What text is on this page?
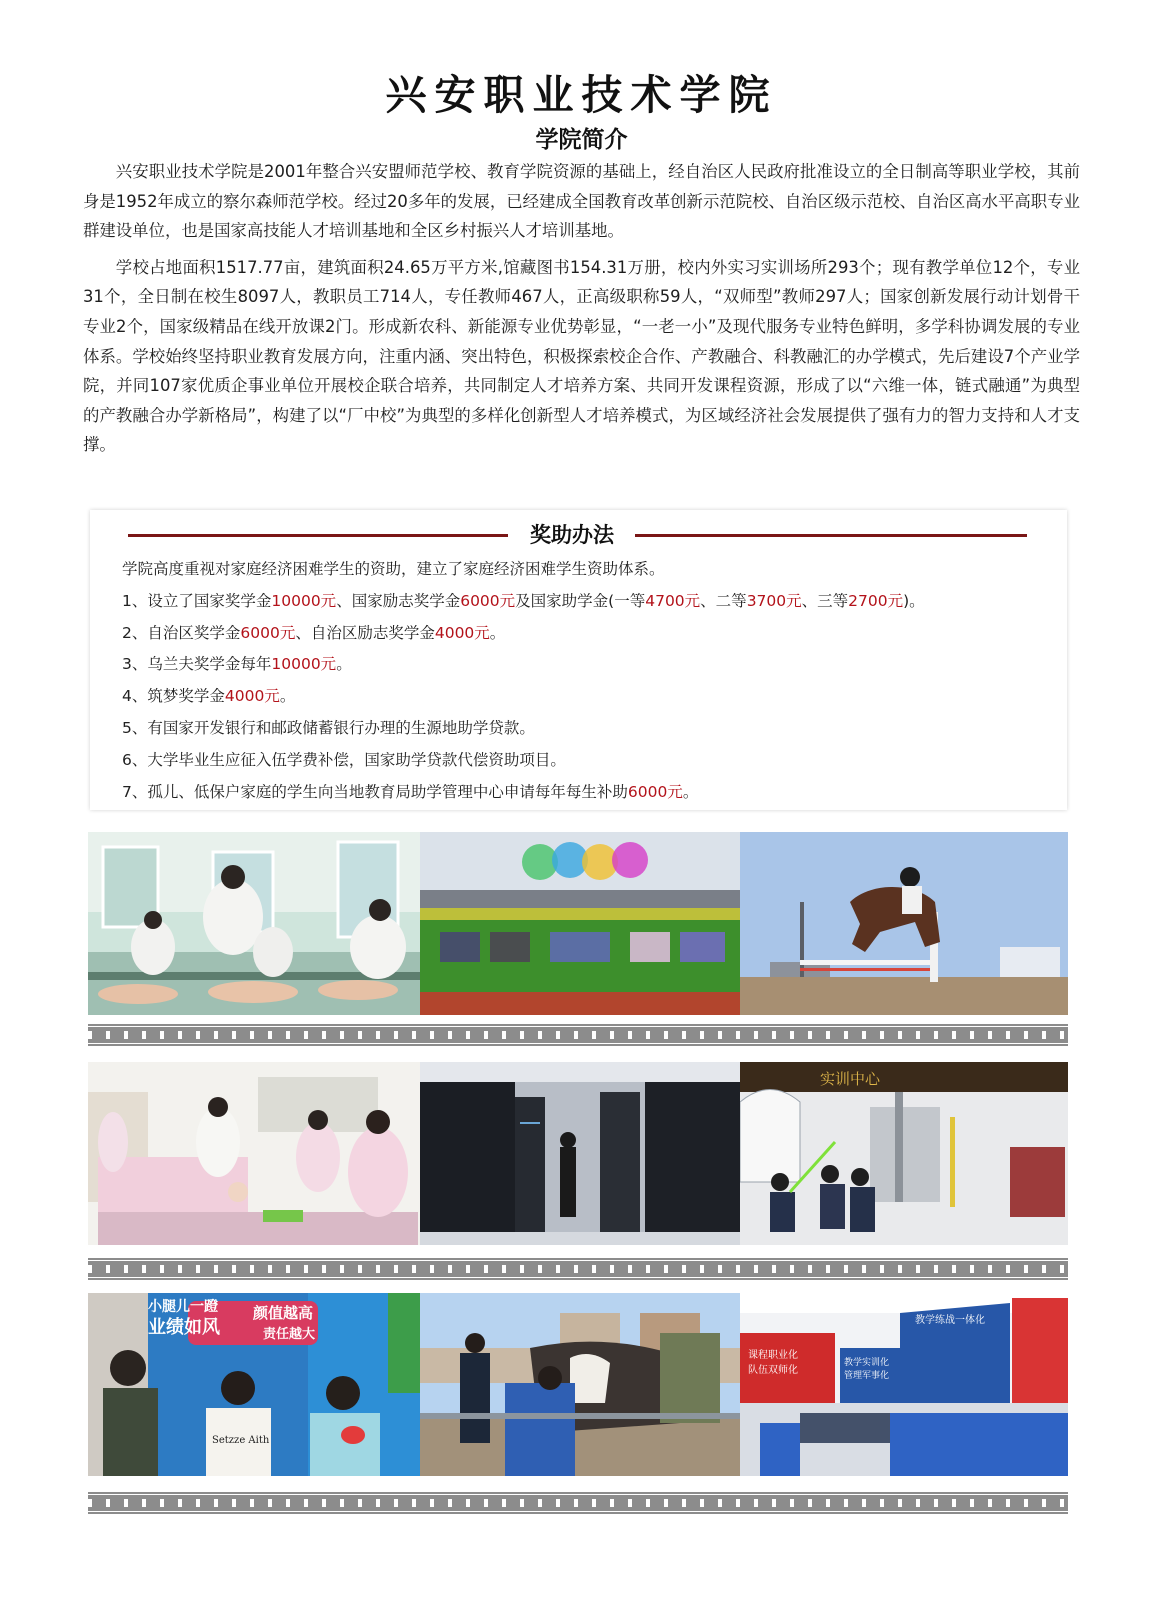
兴安职业技术学院
学院简介

兴安职业技术学院是2001年整合兴安盟师范学校、教育学院资源的基础上，经自治区人民政府批准设立的全日制高等职业学校，其前身是1952年成立的察尔森师范学校。经过20多年的发展，已经建成全国教育改革创新示范院校、自治区级示范校、自治区高水平高职专业群建设单位，也是国家高技能人才培训基地和全区乡村振兴人才培训基地。

学校占地面积1517.77亩，建筑面积24.65万平方米,馆藏图书154.31万册，校内外实习实训场所293个；现有教学单位12个，专业31个，全日制在校生8097人，教职员工714人，专任教师467人，正高级职称59人，“双师型”教师297人；国家创新发展行动计划骨干专业2个，国家级精品在线开放课2门。形成新农科、新能源专业优势彰显，“一老一小”及现代服务专业特色鲜明，多学科协调发展的专业体系。学校始终坚持职业教育发展方向，注重内涵、突出特色，积极探索校企合作、产教融合、科教融汇的办学模式，先后建设7个产业学院，并同107家优质企事业单位开展校企联合培养，共同制定人才培养方案、共同开发课程资源，形成了以“六维一体，链式融通”为典型的产教融合办学新格局”，构建了以“厂中校”为典型的多样化创新型人才培养模式，为区域经济社会发展提供了强有力的智力支持和人才支撑。

奖助办法
学院高度重视对家庭经济困难学生的资助，建立了家庭经济困难学生资助体系。
1、设立了国家奖学金10000元、国家励志奖学金6000元及国家助学金(一等4700元、二等3700元、三等2700元)。
2、自治区奖学金6000元、自治区励志奖学金4000元。
3、乌兰夫奖学金每年10000元。
4、筑梦奖学金4000元。
5、有国家开发银行和邮政储蓄银行办理的生源地助学贷款。
6、大学毕业生应征入伍学费补偿，国家助学贷款代偿资助项目。
7、孤儿、低保户家庭的学生向当地教育局助学管理中心申请每年每生补助6000元。
实训中心
小腿儿一蹬
业绩如风
颜值越高
责任越大
Setzze Aith
课程职业化
队伍双师化
教学实训化
管理军事化
教学练战一体化
